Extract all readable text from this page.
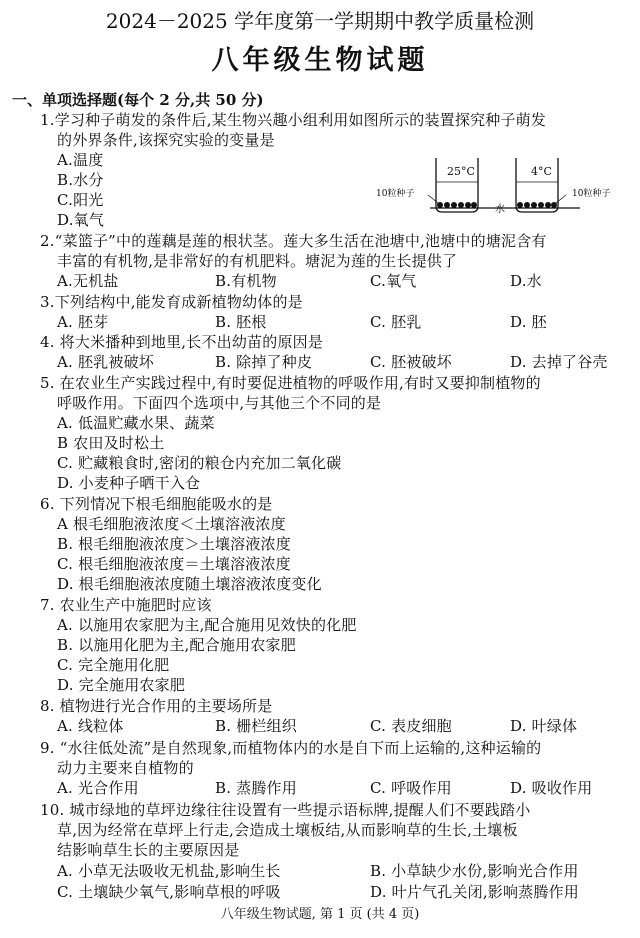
2024－2025 学年度第一学期期中教学质量检测
八年级生物试题
一、单项选择题(每个 2 分,共 50 分)
1.学习种子萌发的条件后,某生物兴趣小组利用如图所示的装置探究种子萌发
的外界条件,该探究实验的变量是
A.温度
B.水分
C.阳光
D.氧气
25°C	4°C
10粒种子	10粒种子
水
2.“菜篮子”中的莲藕是莲的根状茎。莲大多生活在池塘中,池塘中的塘泥含有
丰富的有机物,是非常好的有机肥料。塘泥为莲的生长提供了
A.无机盐	B.有机物	C.氧气	D.水
3.下列结构中,能发育成新植物幼体的是
A. 胚芽	B. 胚根	C. 胚乳	D. 胚
4. 将大米播种到地里,长不出幼苗的原因是
A. 胚乳被破坏	B. 除掉了种皮	C. 胚被破坏	D. 去掉了谷壳
5. 在农业生产实践过程中,有时要促进植物的呼吸作用,有时又要抑制植物的
呼吸作用。下面四个选项中,与其他三个不同的是
A. 低温贮藏水果、蔬菜
B 农田及时松土
C. 贮藏粮食时,密闭的粮仓内充加二氧化碳
D. 小麦种子晒干入仓
6. 下列情况下根毛细胞能吸水的是
A 根毛细胞液浓度＜土壤溶液浓度
B. 根毛细胞液浓度＞土壤溶液浓度
C. 根毛细胞液浓度＝土壤溶液浓度
D. 根毛细胞液浓度随土壤溶液浓度变化
7. 农业生产中施肥时应该
A. 以施用农家肥为主,配合施用见效快的化肥
B. 以施用化肥为主,配合施用农家肥
C. 完全施用化肥
D. 完全施用农家肥
8. 植物进行光合作用的主要场所是
A. 线粒体	B. 栅栏组织	C. 表皮细胞	D. 叶绿体
9. “水往低处流”是自然现象,而植物体内的水是自下而上运输的,这种运输的
动力主要来自植物的
A. 光合作用	B. 蒸腾作用	C. 呼吸作用	D. 吸收作用
10. 城市绿地的草坪边缘往往设置有一些提示语标牌,提醒人们不要践踏小
草,因为经常在草坪上行走,会造成土壤板结,从而影响草的生长,土壤板
结影响草生长的主要原因是
A. 小草无法吸收无机盐,影响生长	B. 小草缺少水份,影响光合作用
C. 土壤缺少氧气,影响草根的呼吸	D. 叶片气孔关闭,影响蒸腾作用
八年级生物试题, 第 1 页 (共 4 页)
